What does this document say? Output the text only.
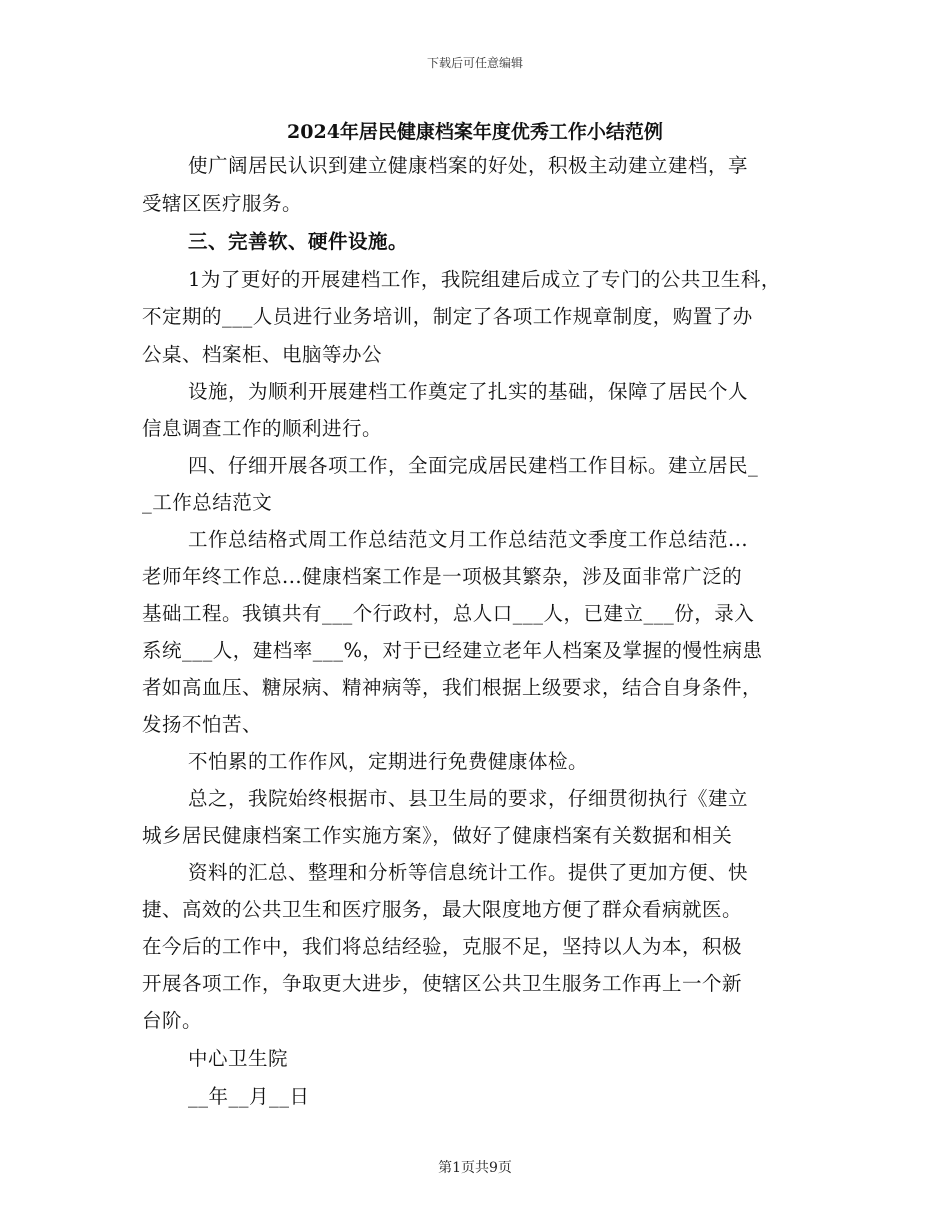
下载后可任意编辑
2024年居民健康档案年度优秀工作小结范例
使广阔居民认识到建立健康档案的好处，积极主动建立建档，享
受辖区医疗服务。
三、完善软、硬件设施。
1为了更好的开展建档工作，我院组建后成立了专门的公共卫生科，
不定期的___人员进行业务培训，制定了各项工作规章制度，购置了办
公桌、档案柜、电脑等办公
设施，为顺利开展建档工作奠定了扎实的基础，保障了居民个人
信息调查工作的顺利进行。
四、仔细开展各项工作，全面完成居民建档工作目标。建立居民_
_工作总结范文
工作总结格式周工作总结范文月工作总结范文季度工作总结范...
老师年终工作总...健康档案工作是一项极其繁杂，涉及面非常广泛的
基础工程。我镇共有___个行政村，总人口___人，已建立___份，录入
系统___人，建档率___%，对于已经建立老年人档案及掌握的慢性病患
者如高血压、糖尿病、精神病等，我们根据上级要求，结合自身条件，
发扬不怕苦、
不怕累的工作作风，定期进行免费健康体检。
总之，我院始终根据市、县卫生局的要求，仔细贯彻执行《建立
城乡居民健康档案工作实施方案》，做好了健康档案有关数据和相关
资料的汇总、整理和分析等信息统计工作。提供了更加方便、快
捷、高效的公共卫生和医疗服务，最大限度地方便了群众看病就医。
在今后的工作中，我们将总结经验，克服不足，坚持以人为本，积极
开展各项工作，争取更大进步，使辖区公共卫生服务工作再上一个新
台阶。
中心卫生院
__年__月__日
第1页共9页
